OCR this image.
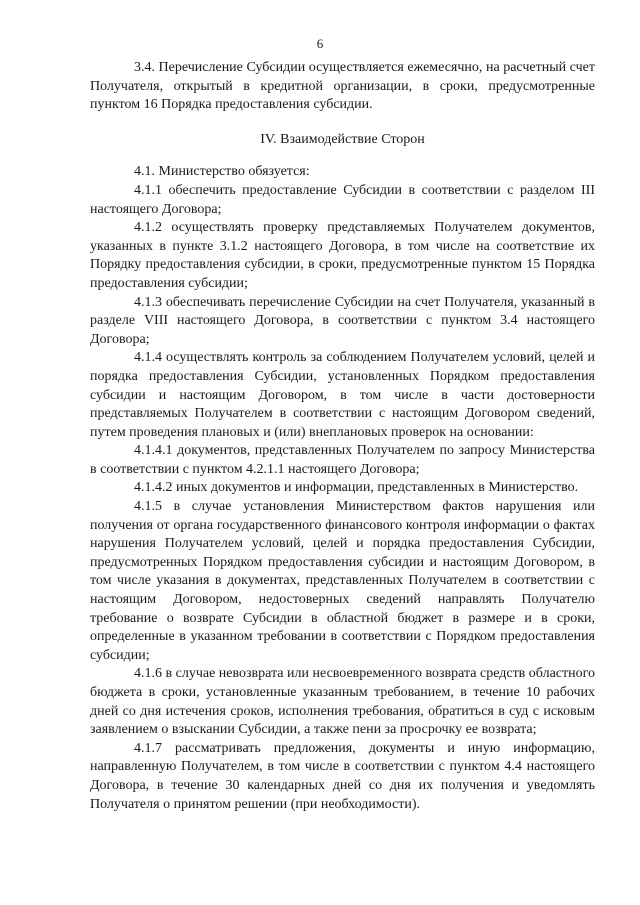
6

3.4. Перечисление Субсидии осуществляется ежемесячно, на расчетный счет Получателя, открытый в кредитной организации, в сроки, предусмотренные пунктом 16 Порядка предоставления субсидии.

IV. Взаимодействие Сторон

4.1. Министерство обязуется:

4.1.1 обеспечить предоставление Субсидии в соответствии с разделом III настоящего Договора;

4.1.2 осуществлять проверку представляемых Получателем документов, указанных в пункте 3.1.2 настоящего Договора, в том числе на соответствие их Порядку предоставления субсидии, в сроки, предусмотренные пунктом 15 Порядка предоставления субсидии;

4.1.3 обеспечивать перечисление Субсидии на счет Получателя, указанный в разделе VIII настоящего Договора, в соответствии с пунктом 3.4 настоящего Договора;

4.1.4 осуществлять контроль за соблюдением Получателем условий, целей и порядка предоставления Субсидии, установленных Порядком предоставления субсидии и настоящим Договором, в том числе в части достоверности представляемых Получателем в соответствии с настоящим Договором сведений, путем проведения плановых и (или) внеплановых проверок на основании:

4.1.4.1 документов, представленных Получателем по запросу Министерства в соответствии с пунктом 4.2.1.1 настоящего Договора;

4.1.4.2 иных документов и информации, представленных в Министерство.

4.1.5 в случае установления Министерством фактов нарушения или получения от органа государственного финансового контроля информации о фактах нарушения Получателем условий, целей и порядка предоставления Субсидии, предусмотренных Порядком предоставления субсидии и настоящим Договором, в том числе указания в документах, представленных Получателем в соответствии с настоящим Договором, недостоверных сведений направлять Получателю требование о возврате Субсидии в областной бюджет в размере и в сроки, определенные в указанном требовании в соответствии с Порядком предоставления субсидии;

4.1.6 в случае невозврата или несвоевременного возврата средств областного бюджета в сроки, установленные указанным требованием, в течение 10 рабочих дней со дня истечения сроков, исполнения требования, обратиться в суд с исковым заявлением о взыскании Субсидии, а также пени за просрочку ее возврата;

4.1.7 рассматривать предложения, документы и иную информацию, направленную Получателем, в том числе в соответствии с пунктом 4.4 настоящего Договора, в течение 30 календарных дней со дня их получения и уведомлять Получателя о принятом решении (при необходимости).
